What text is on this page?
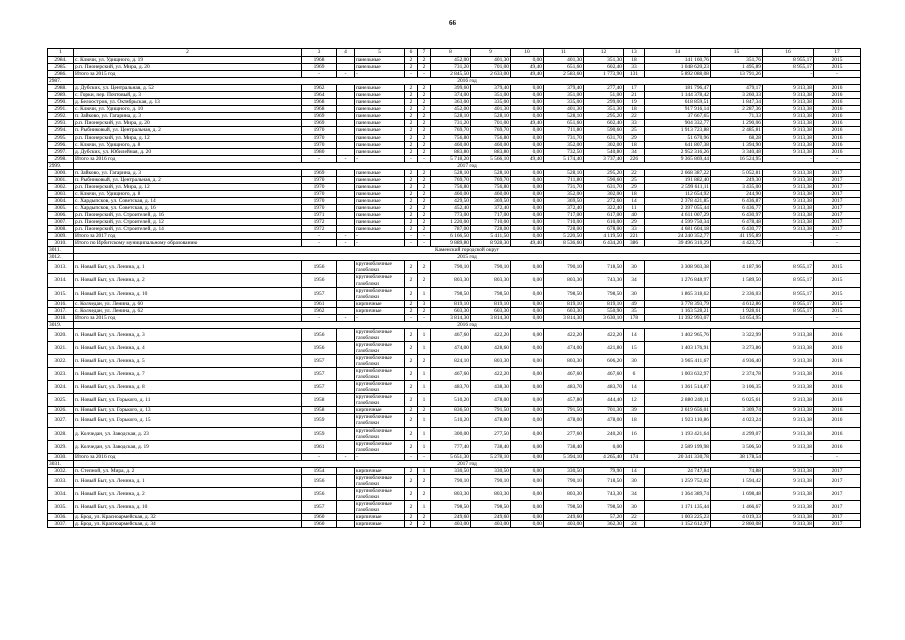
66
1	2	3	4	5	6	7	8	9	10	11	12	13	14	15	16	17
2984.	с. Ключи, ул. Удищного, д. 19	1968		панельные	2	2	452,00	401,30	0,00	401,30	351,30	18	141 160,76	351,76	8 955,17	2015
2985.	р.п. Пионерский, ул. Мира, д. 20	1969		панельные	2	2	731,20	701,00	49,40	651,60	602,40	33	1 048 620,23	1 495,89	8 955,17	2015
2986.	Итого за 2015 год	-	-	-	-	-	2 845,50	2 633,00	49,40	2 583,60	1 773,90	131	5 892 088,08	13 791,26	-	-
2987.	2016 год															
2988.	д. Дубских, ул. Центральная, д. 52	1962		панельные	2	2	399,60	379,40	0,00	379,40	277,40	17	181 796,47	479,17	9 313,38	2016
2989.	с. Горки, пер. Почтовый, д. 3	1964		панельные	2	2	374,00	351,00	0,00	351,00	51,00	21	1 144 378,42	3 260,33	9 313,38	2016
2990.	д. Белоостров, ул. Октябрьская, д. 13	1968		панельные	2	2	363,00	335,00	0,00	335,00	299,00	19	618 859,51	1 847,34	9 313,38	2016
2991.	с. Ключи, ул. Удищного, д. 10	1968		панельные	2	2	452,00	401,30	0,00	401,30	351,30	18	917 916,14	2 287,36	9 313,38	2016
2992.	п. Зайково, ул. Гагарина, д. 3	1969		панельные	2	2	528,10	528,10	0,00	528,10	295,20	22	37 667,65	71,33	9 313,38	2016
2993.	р.п. Пионерский, ул. Мира, д. 20	1969		панельные	2	2	731,20	701,00	49,40	651,60	602,40	33	904 332,77	1 290,06	9 313,38	2016
2994.	п. Рыбниковый, ул. Центральная, д. 2	1970		панельные	2	2	769,70	769,70	0,00	711,80	590,60	25	1 913 723,88	2 485,81	9 313,38	2016
2995.	р.п. Пионерский, ул. Мира, д. 12	1970		панельные	2	2	756,80	756,80	0,00	731,70	631,70	29	51 670,96	68,28	9 313,38	2016
2996.	с. Ключи, ул. Удищного, д. 8	1970		панельные	2	2	460,00	460,00	0,00	352,00	302,00	18	641 807,38	1 394,90	9 313,38	2016
2997.	д. Дубских, ул. Юбилейная, д. 20	1980		панельные	2	2	883,80	883,80	0,00	732,50	540,80	34	2 952 316,26	3 340,48	9 313,38	2016
2998.	Итого за 2016 год	-	-	-	-	-	5 718,20	5 566,10	49,40	5 174,40	3 737,40	226	9 365 869,44	16 524,95	-	-
2999.	2017 год															
3000.	п. Зайково, ул. Гагарина, д. 3	1969		панельные	2	2	528,10	528,10	0,00	528,10	295,20	22	2 668 387,22	5 052,81	9 313,38	2017
3001.	п. Рыбниковый, ул. Центральная, д. 2	1970		панельные	2	2	769,70	769,70	0,00	711,80	590,60	25	191 882,40	249,30	9 313,38	2017
3002.	р.п. Пионерский, ул. Мира, д. 12	1970		панельные	2	2	756,80	756,80	0,00	731,70	631,70	29	2 599 611,11	3 435,00	9 313,38	2017
3003.	с. Ключи, ул. Удищного, д. 8	1970		панельные	2	2	460,00	460,00	0,00	352,00	302,00	18	112 654,92	244,90	9 313,38	2017
3004.	с. Хардыпсков, ул. Советская, д. 14	1970		панельные	2	2	429,50	369,50	0,00	369,50	272,60	14	2 378 421,85	6 436,87	9 313,38	2017
3005.	с. Хардыпсков, ул. Советская, д. 16	1970		панельные	2	2	452,40	372,40	0,00	372,40	322,40	11	2 397 055,44	6 436,77	9 313,38	2017
3006.	р.п. Пионерский, ул. Строителей, д. 16	1971		панельные	2	2	773,00	717,00	0,00	717,00	617,00	40	4 611 007,29	6 430,97	9 313,38	2017
3007.	р.п. Пионерский, ул. Строителей, д. 12	1972		панельные	2	2	1 220,00	710,00	0,00	710,00	610,00	29	4 599 750,34	6 478,48	9 313,38	2017
3008.	р.п. Пионерский, ул. Строителей, д. 14	1972		панельные	2	2	787,00	728,00	0,00	728,00	678,00	33	4 681 604,18	6 430,77	9 313,38	2017
3009.	Итого за 2017 год	-	-	-	-	-	6 166,50	5 411,50	0,00	5 220,50	4 119,50	221	24 240 352,77	41 195,89	-	-
3010.	Итого по Ирбитскому муниципальному образованию	-	-	-	-	-	9 889,80	8 928,30	49,40	8 536,60	6 434,20	386	39 496 310,29	4 423,72	-	-
3011.	Каменский городской округ															
3012.	2015 год															
3013.	п. Новый Быт, ул. Ленина, д. 1	1956		крупноблочные газоблоки	2	2	790,10	790,10	0,00	790,10	718,50	30	3 308 903,38	4 187,96	8 955,17	2015
3014.	п. Новый Быт, ул. Ленина, д. 2	1956		крупноблочные газоблоки	2	2	803,30	803,30	0,00	803,30	743,30	34	1 276 848,97	1 589,50	8 955,17	2015
3015.	п. Новый Быт, ул. Ленина, д. 10	1957		крупноблочные газоблоки	2	1	798,50	798,50	0,00	798,50	798,50	30	1 865 318,62	2 336,03	8 955,17	2015
3016.	с. Колчедан, ул. Ленина, д. 60	1961		кирпичные	2	3	819,10	819,10	0,00	819,10	819,10	49	3 778 393,79	4 612,86	8 955,17	2015
3017.	с. Колчедан, ул. Ленина, д. 62	1962		кирпичные	2	2	603,30	603,30	0,00	603,30	550,90	35	1 163 528,21	1 928,61	8 955,17	2015
3018.	Итого за 2015 год	-	-	-	-	-	3 814,30	3 814,30	0,00	3 814,30	3 630,10	178	11 392 993,07	14 654,95	-	-
3019.	2016 год															
3020.	п. Новый Быт, ул. Ленина, д. 3	1956		крупноблочные газоблоки	2	1	467,60	422,20	0,00	422,20	422,20	14	1 402 965,76	3 322,99	9 313,38	2016
3021.	п. Новый Быт, ул. Ленина, д. 4	1956		крупноблочные газоблоки	2	1	474,00	428,60	0,00	474,00	421,80	15	1 403 176,91	3 273,86	9 313,38	2016
3022.	п. Новый Быт, ул. Ленина, д. 5	1957		крупноблочные газоблоки	2	2	824,10	803,30	0,00	803,30	606,20	30	3 965 411,67	4 936,40	9 313,38	2016
3023.	п. Новый Быт, ул. Ленина, д. 7	1957		крупноблочные газоблоки	2	1	467,60	422,20	0,00	467,60	467,60	6	1 003 632,97	2 374,78	9 313,38	2016
3024.	п. Новый Быт, ул. Ленина, д. 8	1957		крупноблочные газоблоки	2	1	483,70	438,30	0,00	483,70	483,70	14	1 361 514,87	3 106,35	9 313,38	2016
3025.	п. Новый Быт, ул. Горького, д. 11	1958		крупноблочные газоблоки	2	1	510,20	478,00	0,00	457,80	444,40	12	2 880 240,11	6 025,61	9 313,38	2016
3026.	п. Новый Быт, ул. Горького, д. 13	1958		кирпичные	2	2	836,50	791,50	0,00	791,50	701,30	39	2 619 656,01	3 309,74	9 313,38	2016
3027.	п. Новый Быт, ул. Горького, д. 15	1959		крупноблочные газоблоки	2	1	510,20	478,00	0,00	478,00	478,00	18	1 923 110,86	4 023,24	9 313,38	2016
3028.	д. Колчедан, ул. Заводская, д. 23	1959		крупноблочные газоблоки	2	1	300,00	277,50	0,00	277,60	240,20	16	1 193 421,64	4 299,07	9 313,38	2016
3029.	д. Колчедан, ул. Заводская, д. 19	1961		крупноблочные газоблоки	2	1	777,40	738,40	0,00	738,40	0,00		2 589 199,98	3 506,50	9 313,38	2016
3030.	Итого за 2016 год	-	-	-	-	-	5 651,30	5 278,10	0,00	5 394,10	4 265,40	174	20 341 330,78	38 178,54	-	-
3031.	2017 год															
3032.	п. Степной, ул. Мира, д. 2	1954		кирпичные	2	1	330,50	330,50	0,00	330,50	79,90	14	24 747,84	74,88	9 313,38	2017
3033.	п. Новый Быт, ул. Ленина, д. 1	1956		крупноблочные газоблоки	2	2	790,10	790,10	0,00	790,10	718,50	30	1 259 752,02	1 594,42	9 313,38	2017
3034.	п. Новый Быт, ул. Ленина, д. 2	1956		крупноблочные газоблоки	2	2	803,30	803,30	0,00	803,30	743,30	34	1 364 389,74	1 698,48	9 313,38	2017
3035.	п. Новый Быт, ул. Ленина, д. 10	1957		крупноблочные газоблоки	2	1	798,50	798,50	0,00	798,50	798,50	30	1 171 135,44	1 466,67	9 313,38	2017
3036.	д. Брод, ул. Красноармейская, д. 32	1960		кирпичные	2	2	249,60	249,60	0,00	249,60	57,20	22	1 003 225,23	4 019,33	9 313,38	2017
3037.	д. Брод, ул. Красноармейская, д. 34	1960		кирпичные	2	2	403,00	403,00	0,00	403,00	362,30	24	1 152 612,97	2 860,08	9 313,38	2017
